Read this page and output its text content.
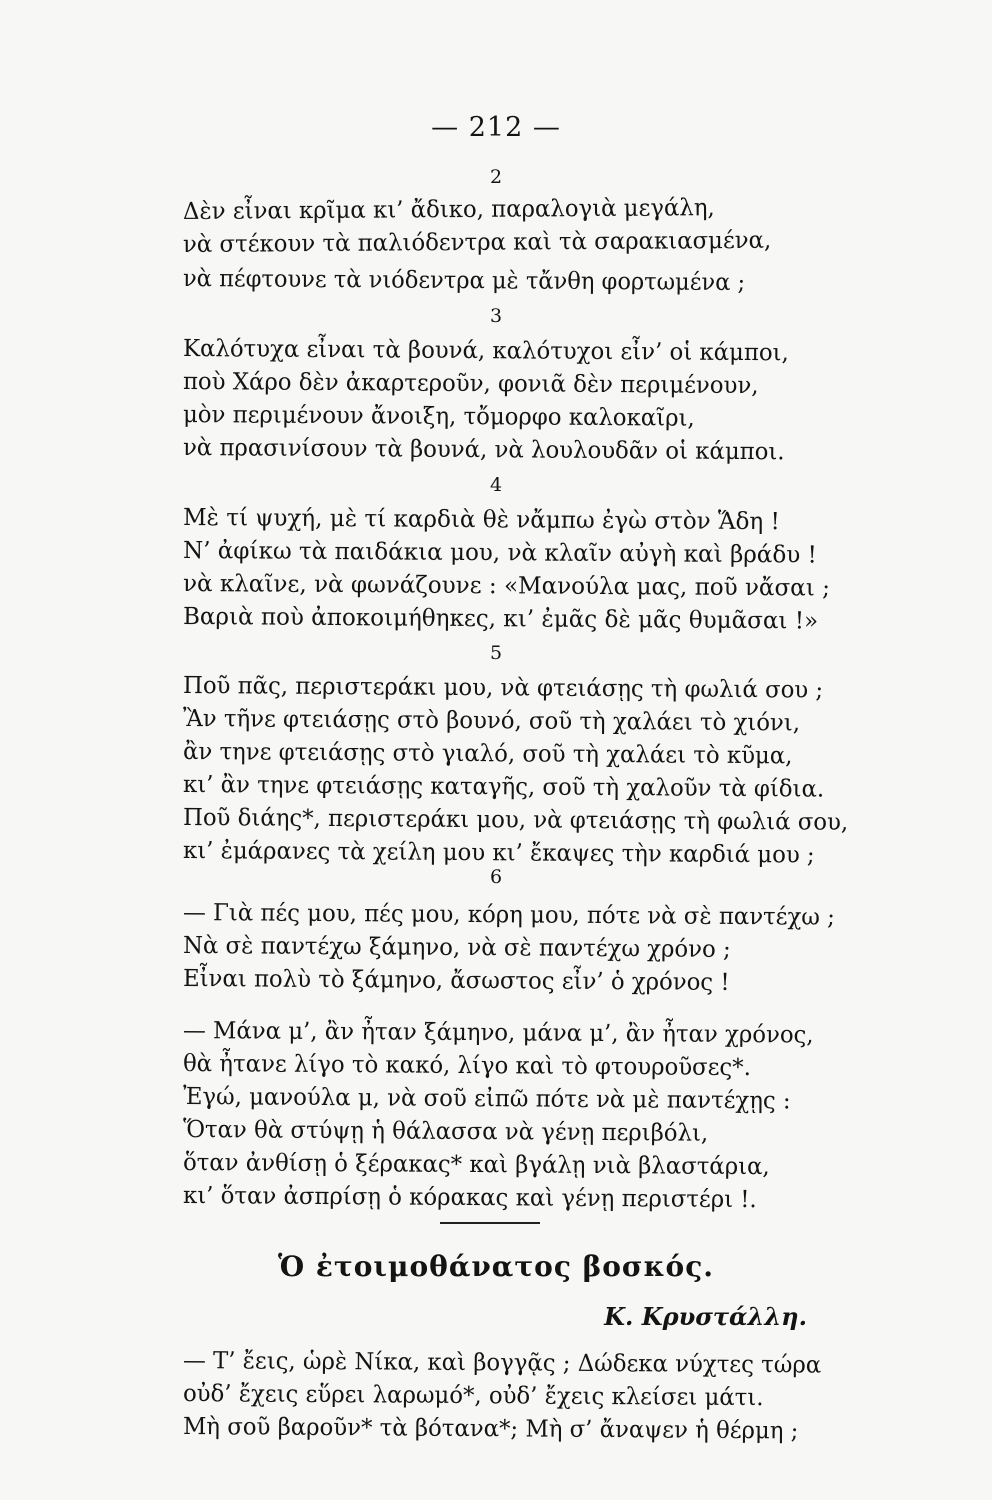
— 212 —
2
Δὲν εἶναι κρῖμα κι’ ἄδικο, παραλογιὰ μεγάλη,
νὰ στέκουν τὰ παλιόδεντρα καὶ τὰ σαρακιασμένα,
νὰ πέφτουνε τὰ νιόδεντρα μὲ τἄνθη φορτωμένα ;
3
Καλότυχα εἶναι τὰ βουνά, καλότυχοι εἶν’ οἱ κάμποι,
ποὺ Χάρο δὲν ἀκαρτεροῦν, φονιᾶ δὲν περιμένουν,
μὸν περιμένουν ἄνοιξη, τὄμορφο καλοκαῖρι,
νὰ πρασινίσουν τὰ βουνά, νὰ λουλουδᾶν οἱ κάμποι.
4
Μὲ τί ψυχή, μὲ τί καρδιὰ θὲ νἄμπω ἐγὼ στὸν Ἅδη !
Ν’ ἀφίκω τὰ παιδάκια μου, νὰ κλαῖν αὐγὴ καὶ βράδυ !
νὰ κλαῖνε, νὰ φωνάζουνε : «Μανούλα μας, ποῦ νἄσαι ;
Βαριὰ ποὺ ἀποκοιμήθηκες, κι’ ἐμᾶς δὲ μᾶς θυμᾶσαι !»
5
Ποῦ πᾶς, περιστεράκι μου, νὰ φτειάσῃς τὴ φωλιά σου ;
Ἂν τῆνε φτειάσῃς στὸ βουνό, σοῦ τὴ χαλάει τὸ χιόνι,
ἂν τηνε φτειάσῃς στὸ γιαλό, σοῦ τὴ χαλάει τὸ κῦμα,
κι’ ἂν τηνε φτειάσῃς καταγῆς, σοῦ τὴ χαλοῦν τὰ φίδια.
Ποῦ διάης*, περιστεράκι μου, νὰ φτειάσῃς τὴ φωλιά σου,
κι’ ἐμάρανες τὰ χείλη μου κι’ ἔκαψες τὴν καρδιά μου ;
6
— Γιὰ πές μου, πές μου, κόρη μου, πότε νὰ σὲ παντέχω ;
Νὰ σὲ παντέχω ξάμηνο, νὰ σὲ παντέχω χρόνο ;
Εἶναι πολὺ τὸ ξάμηνο, ἄσωστος εἶν’ ὁ χρόνος !
— Μάνα μ’, ἂν ἦταν ξάμηνο, μάνα μ’, ἂν ἦταν χρόνος,
θὰ ἦτανε λίγο τὸ κακό, λίγο καὶ τὸ φτουροῦσες*.
Ἐγώ, μανούλα μ, νὰ σοῦ εἰπῶ πότε νὰ μὲ παντέχῃς :
Ὅταν θὰ στύψῃ ἡ θάλασσα νὰ γένῃ περιβόλι,
ὅταν ἀνθίσῃ ὁ ξέρακας* καὶ βγάλῃ νιὰ βλαστάρια,
κι’ ὅταν ἀσπρίσῃ ὁ κόρακας καὶ γένῃ περιστέρι !.
Ὁ ἐτοιμοθάνατος βοσκός.
Κ. Κρυστάλλη.
— Τ’ ἔεις, ὡρὲ Νίκα, καὶ βογγᾷς ; Δώδεκα νύχτες τώρα
οὐδ’ ἔχεις εὕρει λαρωμό*, οὐδ’ ἔχεις κλείσει μάτι.
Μὴ σοῦ βαροῦν* τὰ βότανα*; Μὴ σ’ ἄναψεν ἡ θέρμη ;
